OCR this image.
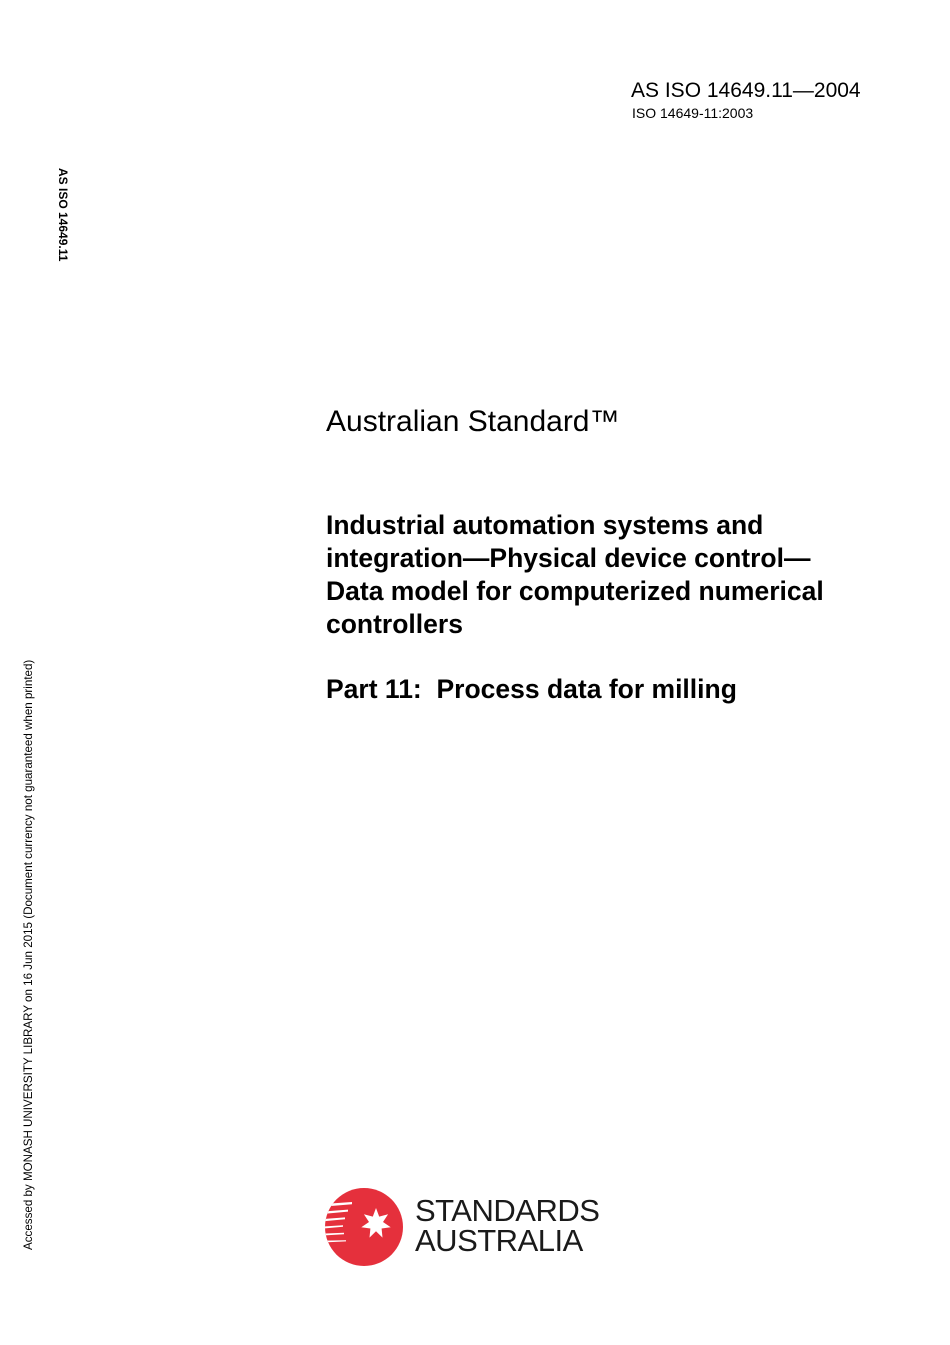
AS ISO 14649.11—2004
ISO 14649-11:2003
AS ISO 14649.11
Accessed by MONASH UNIVERSITY LIBRARY on 16 Jun 2015 (Document currency not guaranteed when printed)
Australian Standard™
Industrial automation systems and
integration—Physical device control—
Data model for computerized numerical
controllers
Part 11:  Process data for milling
STANDARDS
AUSTRALIA
